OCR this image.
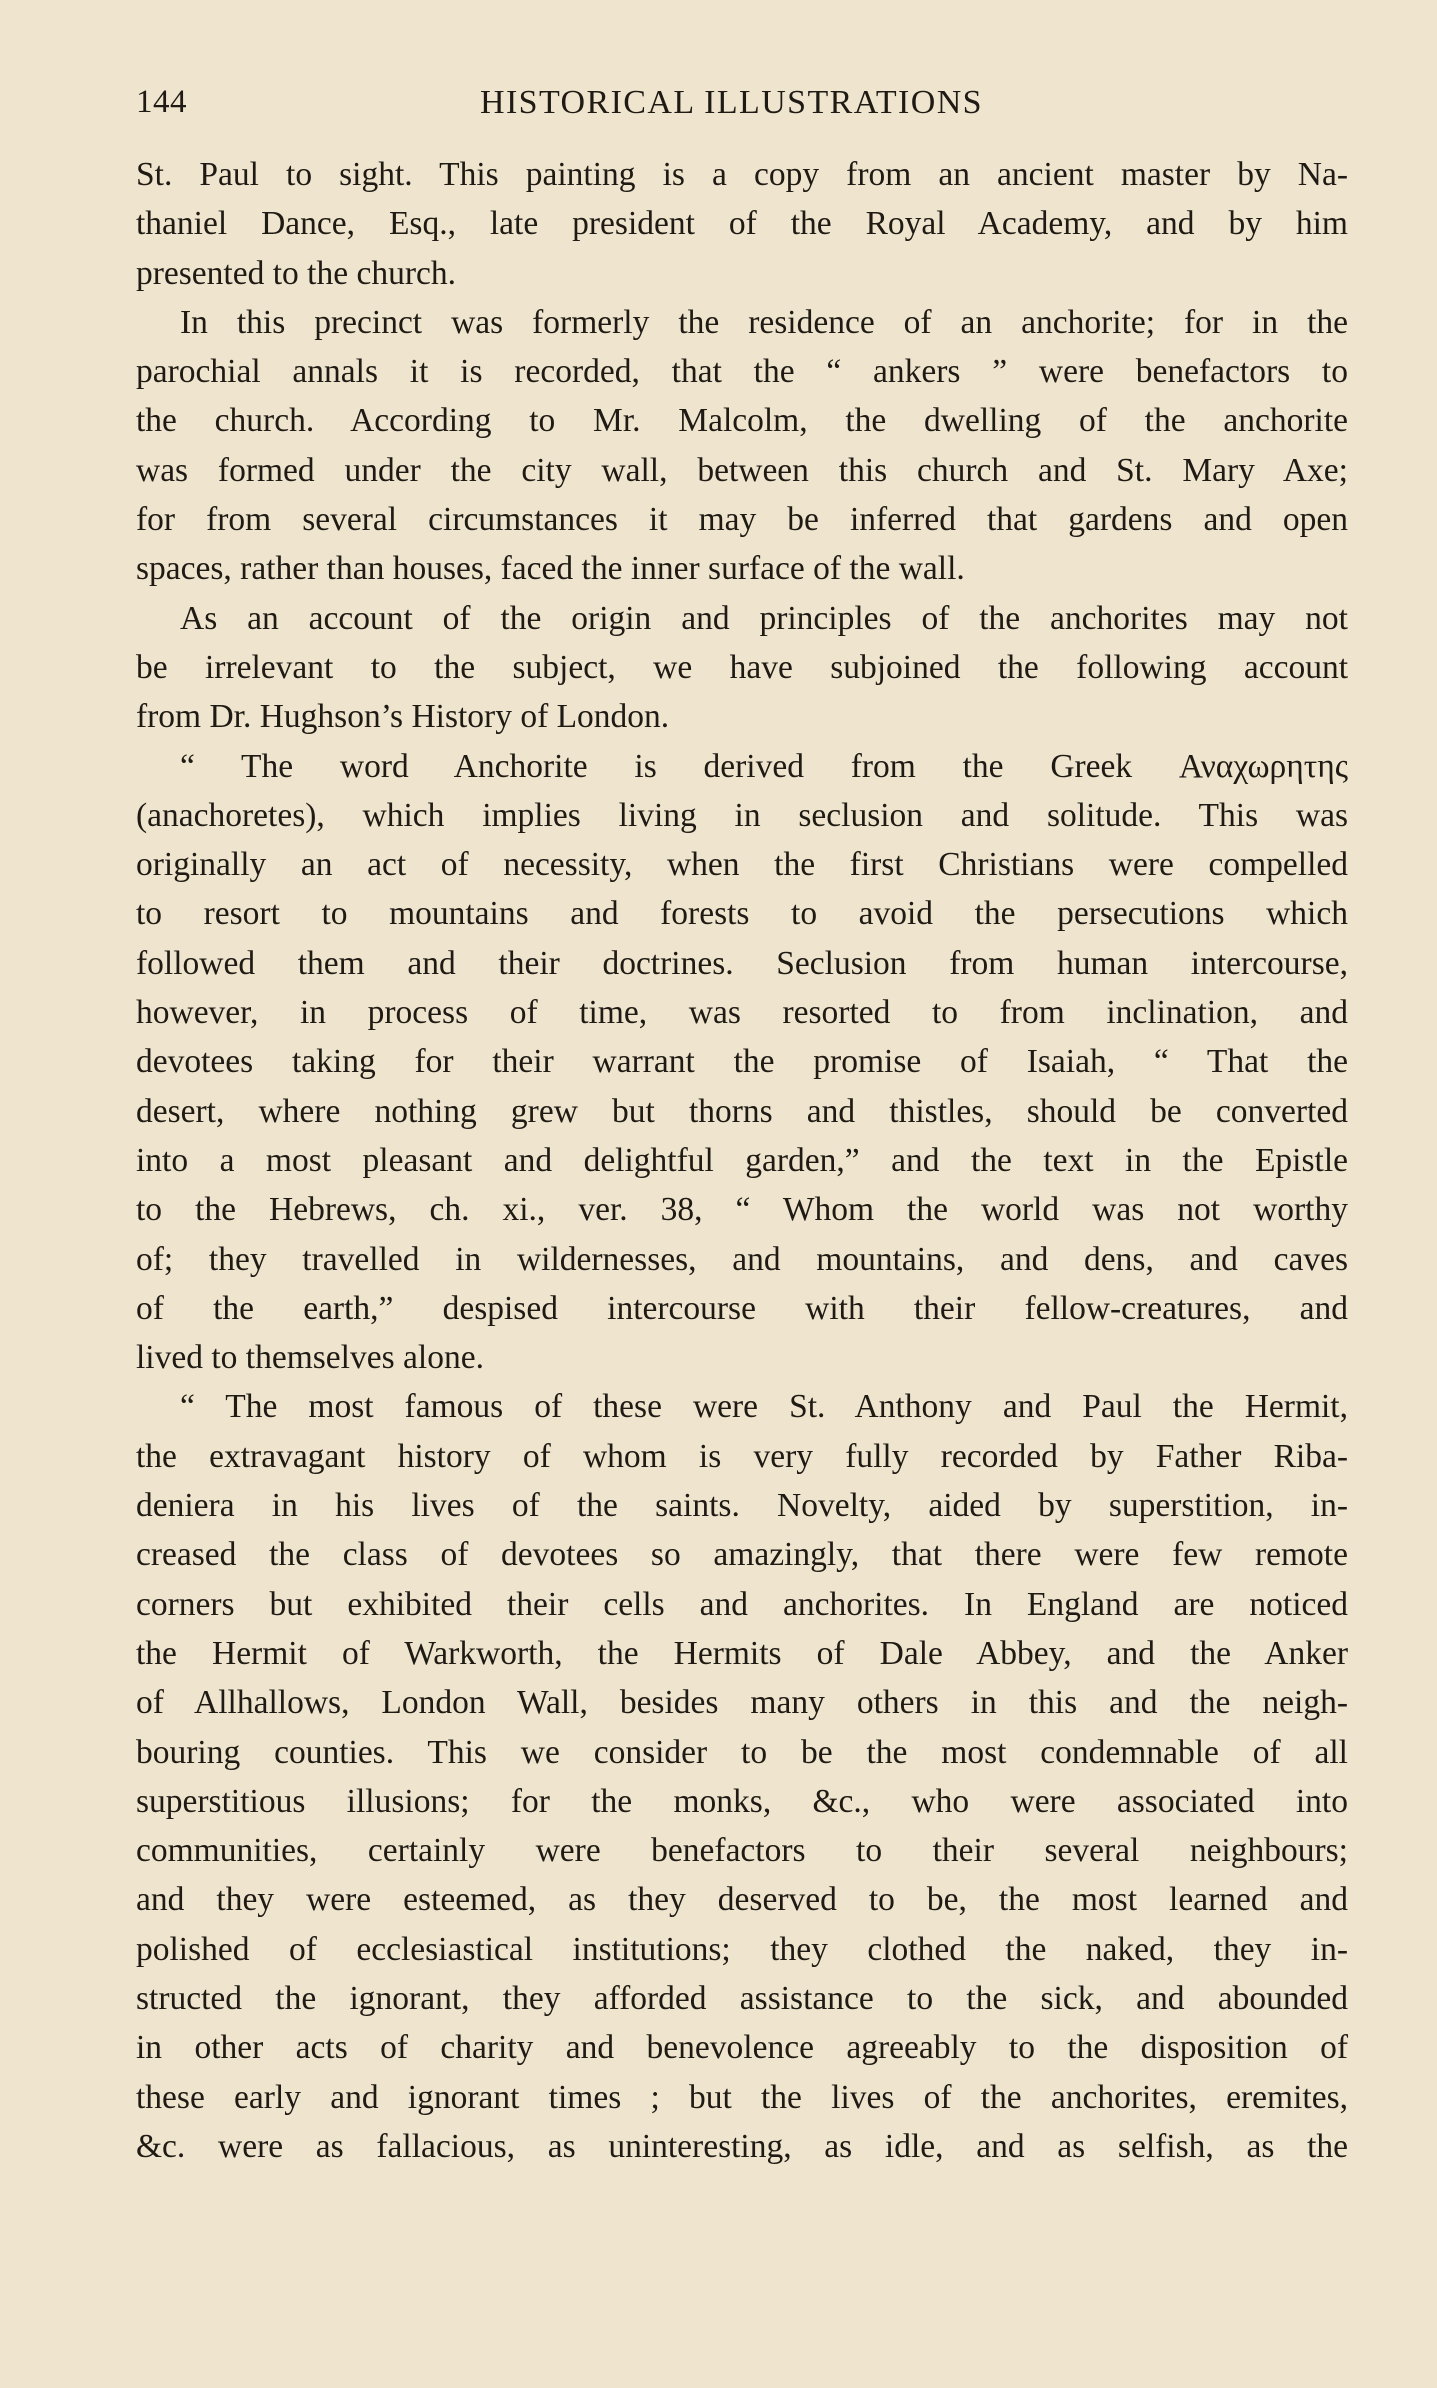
144	HISTORICAL ILLUSTRATIONS
St. Paul to sight. This painting is a copy from an ancient master by Na-
thaniel Dance, Esq., late president of the Royal Academy, and by him
presented to the church.
In this precinct was formerly the residence of an anchorite; for in the
parochial annals it is recorded, that the “ ankers ” were benefactors to
the church. According to Mr. Malcolm, the dwelling of the anchorite
was formed under the city wall, between this church and St. Mary Axe;
for from several circumstances it may be inferred that gardens and open
spaces, rather than houses, faced the inner surface of the wall.
As an account of the origin and principles of the anchorites may not
be irrelevant to the subject, we have subjoined the following account
from Dr. Hughson’s History of London.
“ The word Anchorite is derived from the Greek Αναχωρητης
(anachoretes), which implies living in seclusion and solitude. This was
originally an act of necessity, when the first Christians were compelled
to resort to mountains and forests to avoid the persecutions which
followed them and their doctrines. Seclusion from human intercourse,
however, in process of time, was resorted to from inclination, and
devotees taking for their warrant the promise of Isaiah, “ That the
desert, where nothing grew but thorns and thistles, should be converted
into a most pleasant and delightful garden,” and the text in the Epistle
to the Hebrews, ch. xi., ver. 38, “ Whom the world was not worthy
of; they travelled in wildernesses, and mountains, and dens, and caves
of the earth,” despised intercourse with their fellow-creatures, and
lived to themselves alone.
“ The most famous of these were St. Anthony and Paul the Hermit,
the extravagant history of whom is very fully recorded by Father Riba-
deniera in his lives of the saints. Novelty, aided by superstition, in-
creased the class of devotees so amazingly, that there were few remote
corners but exhibited their cells and anchorites. In England are noticed
the Hermit of Warkworth, the Hermits of Dale Abbey, and the Anker
of Allhallows, London Wall, besides many others in this and the neigh-
bouring counties. This we consider to be the most condemnable of all
superstitious illusions; for the monks, &c., who were associated into
communities, certainly were benefactors to their several neighbours;
and they were esteemed, as they deserved to be, the most learned and
polished of ecclesiastical institutions; they clothed the naked, they in-
structed the ignorant, they afforded assistance to the sick, and abounded
in other acts of charity and benevolence agreeably to the disposition of
these early and ignorant times ; but the lives of the anchorites, eremites,
&c. were as fallacious, as uninteresting, as idle, and as selfish, as the
